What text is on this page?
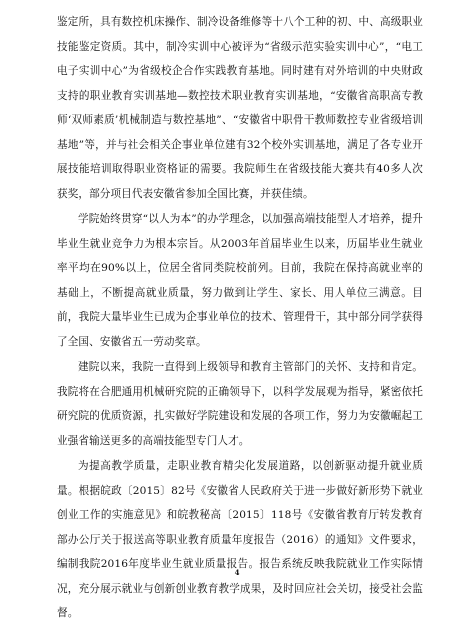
鉴定所，具有数控机床操作、制冷设备维修等十八个工种的初、中、高级职业技能鉴定资质。其中，制冷实训中心被评为“省级示范实验实训中心”，“电工电子实训中心”为省级校企合作实践教育基地。同时建有对外培训的中央财政支持的职业教育实训基地—数控技术职业教育实训基地，“安徽省高职高专教师‘双师素质’机械制造与数控基地”、“安徽省中职骨干教师数控专业省级培训基地”等，并与社会相关企事业单位建有32个校外实训基地，满足了各专业开展技能培训取得职业资格证的需要。我院师生在省级技能大赛共有40多人次获奖，部分项目代表安徽省参加全国比赛，并获佳绩。

学院始终贯穿“以人为本”的办学理念，以加强高端技能型人才培养，提升毕业生就业竞争力为根本宗旨。从2003年首届毕业生以来，历届毕业生就业率平均在90%以上，位居全省同类院校前列。目前，我院在保持高就业率的基础上，不断提高就业质量，努力做到让学生、家长、用人单位三满意。目前，我院大量毕业生已成为企事业单位的技术、管理骨干，其中部分同学获得了全国、安徽省五一劳动奖章。

建院以来，我院一直得到上级领导和教育主管部门的关怀、支持和肯定。我院将在合肥通用机械研究院的正确领导下，以科学发展观为指导，紧密依托研究院的优质资源，扎实做好学院建设和发展的各项工作，努力为安徽崛起工业强省输送更多的高端技能型专门人才。

为提高教学质量，走职业教育精尖化发展道路，以创新驱动提升就业质量。根据皖政〔2015〕82号《安徽省人民政府关于进一步做好新形势下就业创业工作的实施意见》和皖教秘高〔2015〕118号《安徽省教育厅转发教育部办公厅关于报送高等职业教育质量年度报告（2016）的通知》文件要求，编制我院2016年度毕业生就业质量报告。报告系统反映我院就业工作实际情况，充分展示就业与创新创业教育教学成果，及时回应社会关切，接受社会监督。

4
